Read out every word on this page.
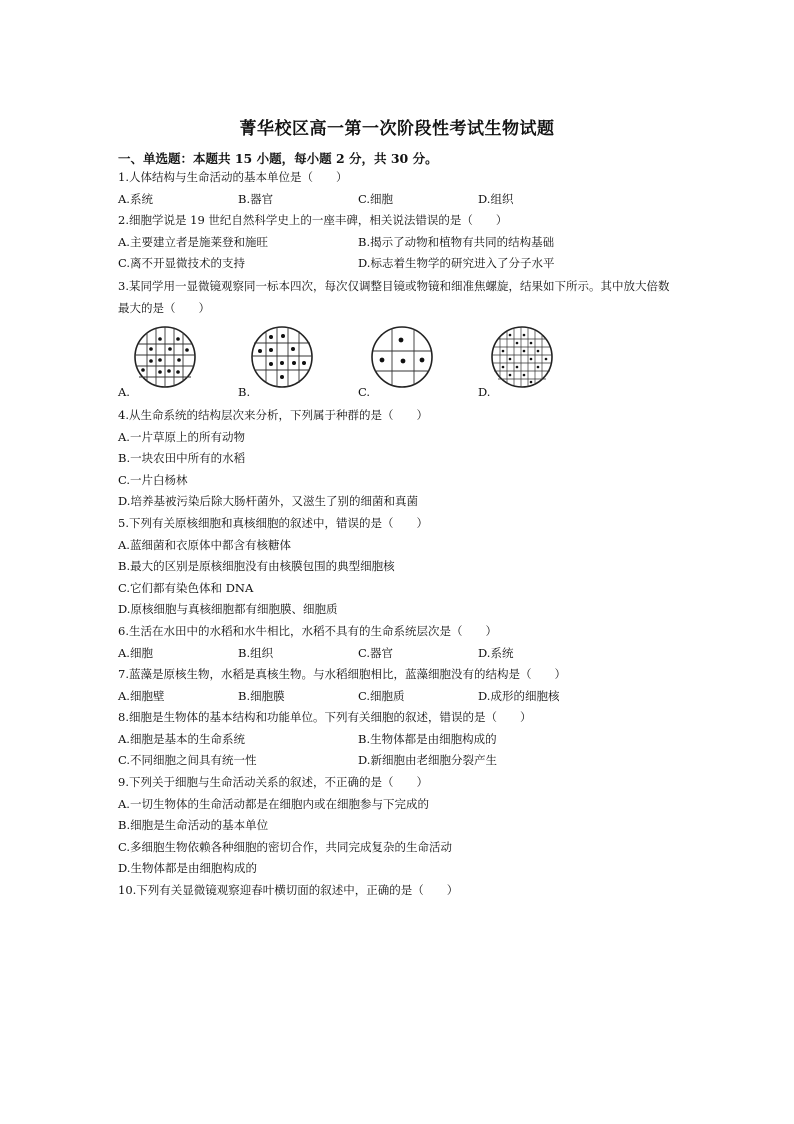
菁华校区高一第一次阶段性考试生物试题
一、单选题：本题共 15 小题，每小题 2 分，共 30 分。
1.人体结构与生命活动的基本单位是（　　）
A.系统	B.器官	C.细胞	D.组织
2.细胞学说是 19 世纪自然科学史上的一座丰碑，相关说法错误的是（　　）
A.主要建立者是施莱登和施旺	B.揭示了动物和植物有共同的结构基础
C.离不开显微技术的支持	D.标志着生物学的研究进入了分子水平
3.某同学用一显微镜观察同一标本四次，每次仅调整目镜或物镜和细准焦螺旋，结果如下所示。其中放大倍数最大的是（　　）
A.	B.	C.	D.
4.从生命系统的结构层次来分析，下列属于种群的是（　　）
A.一片草原上的所有动物
B.一块农田中所有的水稻
C.一片白杨林
D.培养基被污染后除大肠杆菌外，又滋生了别的细菌和真菌
5.下列有关原核细胞和真核细胞的叙述中，错误的是（　　）
A.蓝细菌和衣原体中都含有核糖体
B.最大的区别是原核细胞没有由核膜包围的典型细胞核
C.它们都有染色体和 DNA
D.原核细胞与真核细胞都有细胞膜、细胞质
6.生活在水田中的水稻和水牛相比，水稻不具有的生命系统层次是（　　）
A.细胞	B.组织	C.器官	D.系统
7.蓝藻是原核生物，水稻是真核生物。与水稻细胞相比，蓝藻细胞没有的结构是（　　）
A.细胞壁	B.细胞膜	C.细胞质	D.成形的细胞核
8.细胞是生物体的基本结构和功能单位。下列有关细胞的叙述，错误的是（　　）
A.细胞是基本的生命系统	B.生物体都是由细胞构成的
C.不同细胞之间具有统一性	D.新细胞由老细胞分裂产生
9.下列关于细胞与生命活动关系的叙述，不正确的是（　　）
A.一切生物体的生命活动都是在细胞内或在细胞参与下完成的
B.细胞是生命活动的基本单位
C.多细胞生物依赖各种细胞的密切合作，共同完成复杂的生命活动
D.生物体都是由细胞构成的
10.下列有关显微镜观察迎春叶横切面的叙述中，正确的是（　　）
